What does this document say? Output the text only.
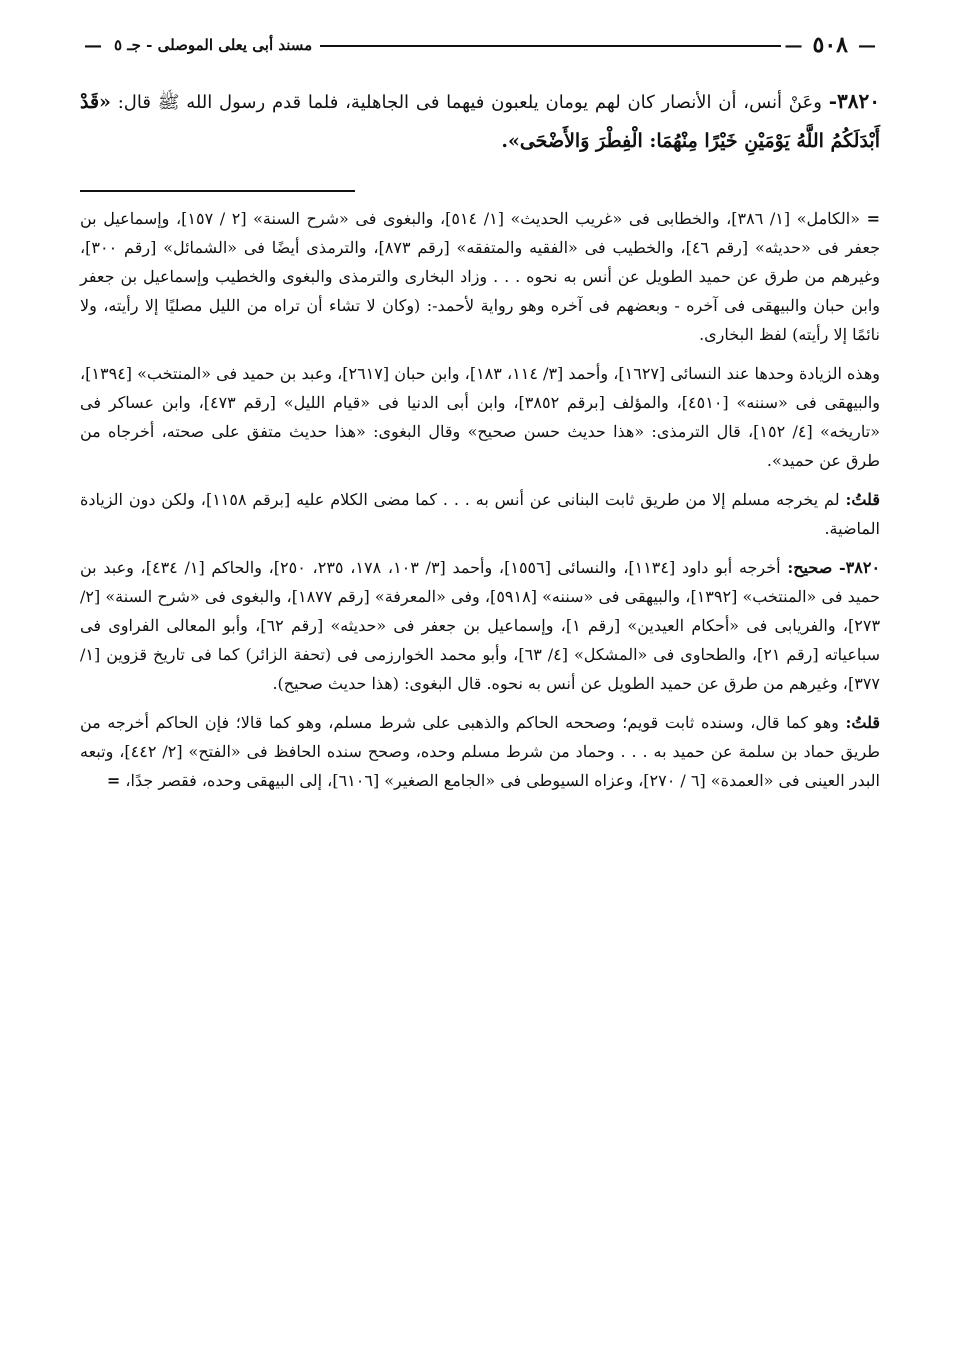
—
٥٠٨
—
مسند أبى يعلى الموصلى - جـ ٥
—
٣٨٢٠- وعَنْ أنس، أن الأنصار كان لهم يومان يلعبون فيهما فى الجاهلية، فلما قدم رسول الله ﷺ قال: «قَدْ أَبْدَلَكُمُ اللَّهُ يَوْمَيْنِ خَيْرًا مِنْهُمَا: الْفِطْرَ وَالأَضْحَى».

= «الكامل» [١/ ٣٨٦]، والخطابى فى «غريب الحديث» [١/ ٥١٤]، والبغوى فى «شرح السنة» [٢ / ١٥٧]، وإسماعيل بن جعفر فى «حديثه» [رقم ٤٦]، والخطيب فى «الفقيه والمتفقه» [رقم ٨٧٣]، والترمذى أيضًا فى «الشمائل» [رقم ٣٠٠]، وغيرهم من طرق عن حميد الطويل عن أنس به نحوه . . . وزاد البخارى والترمذى والبغوى والخطيب وإسماعيل بن جعفر وابن حبان والبيهقى فى آخره - وبعضهم فى آخره وهو رواية لأحمد-: (وكان لا تشاء أن تراه من الليل مصليًا إلا رأيته، ولا نائمًا إلا رأيته) لفظ البخارى.

وهذه الزيادة وحدها عند النسائى [١٦٢٧]، وأحمد [٣/ ١١٤، ١٨٣]، وابن حبان [٢٦١٧]، وعبد بن حميد فى «المنتخب» [١٣٩٤]، والبيهقى فى «سننه» [٤٥١٠]، والمؤلف [برقم ٣٨٥٢]، وابن أبى الدنيا فى «قيام الليل» [رقم ٤٧٣]، وابن عساكر فى «تاريخه» [٤/ ١٥٢]، قال الترمذى: «هذا حديث حسن صحيح» وقال البغوى: «هذا حديث متفق على صحته، أخرجاه من طرق عن حميد».

قلتُ: لم يخرجه مسلم إلا من طريق ثابت البنانى عن أنس به . . . كما مضى الكلام عليه [برقم ١١٥٨]، ولكن دون الزيادة الماضية.

٣٨٢٠- صحيح: أخرجه أبو داود [١١٣٤]، والنسائى [١٥٥٦]، وأحمد [٣/ ١٠٣، ١٧٨، ٢٣٥، ٢٥٠]، والحاكم [١/ ٤٣٤]، وعبد بن حميد فى «المنتخب» [١٣٩٢]، والبيهقى فى «سننه» [٥٩١٨]، وفى «المعرفة» [رقم ١٨٧٧]، والبغوى فى «شرح السنة» [٢/ ٢٧٣]، والفريابى فى «أحكام العيدين» [رقم ١]، وإسماعيل بن جعفر فى «حديثه» [رقم ٦٢]، وأبو المعالى الفراوى فى سباعياته [رقم ٢١]، والطحاوى فى «المشكل» [٤/ ٦٣]، وأبو محمد الخوارزمى فى (تحفة الزائر) كما فى تاريخ قزوين [١/ ٣٧٧]، وغيرهم من طرق عن حميد الطويل عن أنس به نحوه. قال البغوى: (هذا حديث صحيح).

قلتُ: وهو كما قال، وسنده ثابت قويم؛ وصححه الحاكم والذهبى على شرط مسلم، وهو كما قالا؛ فإن الحاكم أخرجه من طريق حماد بن سلمة عن حميد به . . . وحماد من شرط مسلم وحده، وصحح سنده الحافظ فى «الفتح» [٢/ ٤٤٢]، وتبعه البدر العينى فى «العمدة» [٦ / ٢٧٠]، وعزاه السيوطى فى «الجامع الصغير» [٦١٠٦]، إلى البيهقى وحده، فقصر جدًا، =
